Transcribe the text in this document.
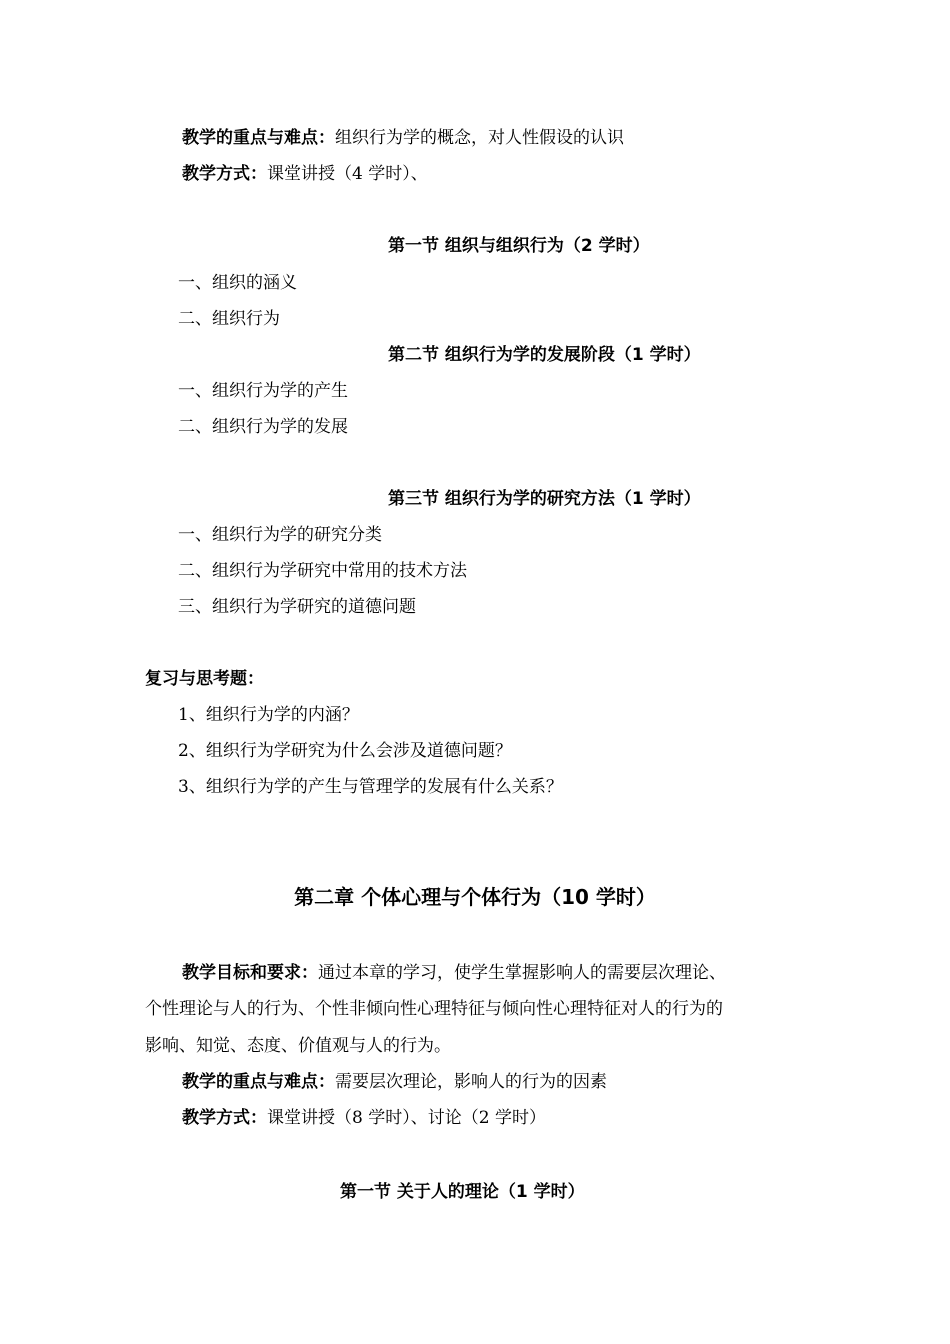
教学的重点与难点：组织行为学的概念，对人性假设的认识
教学方式：课堂讲授（4 学时）、
第一节 组织与组织行为（2 学时）
一、组织的涵义
二、组织行为
第二节 组织行为学的发展阶段（1 学时）
一、组织行为学的产生
二、组织行为学的发展
第三节 组织行为学的研究方法（1 学时）
一、组织行为学的研究分类
二、组织行为学研究中常用的技术方法
三、组织行为学研究的道德问题
复习与思考题：
1、组织行为学的内涵？
2、组织行为学研究为什么会涉及道德问题？
3、组织行为学的产生与管理学的发展有什么关系？
第二章 个体心理与个体行为（10 学时）
教学目标和要求：通过本章的学习，使学生掌握影响人的需要层次理论、
个性理论与人的行为、个性非倾向性心理特征与倾向性心理特征对人的行为的
影响、知觉、态度、价值观与人的行为。
教学的重点与难点：需要层次理论，影响人的行为的因素
教学方式：课堂讲授（8 学时）、讨论（2 学时）
第一节 关于人的理论（1 学时）
